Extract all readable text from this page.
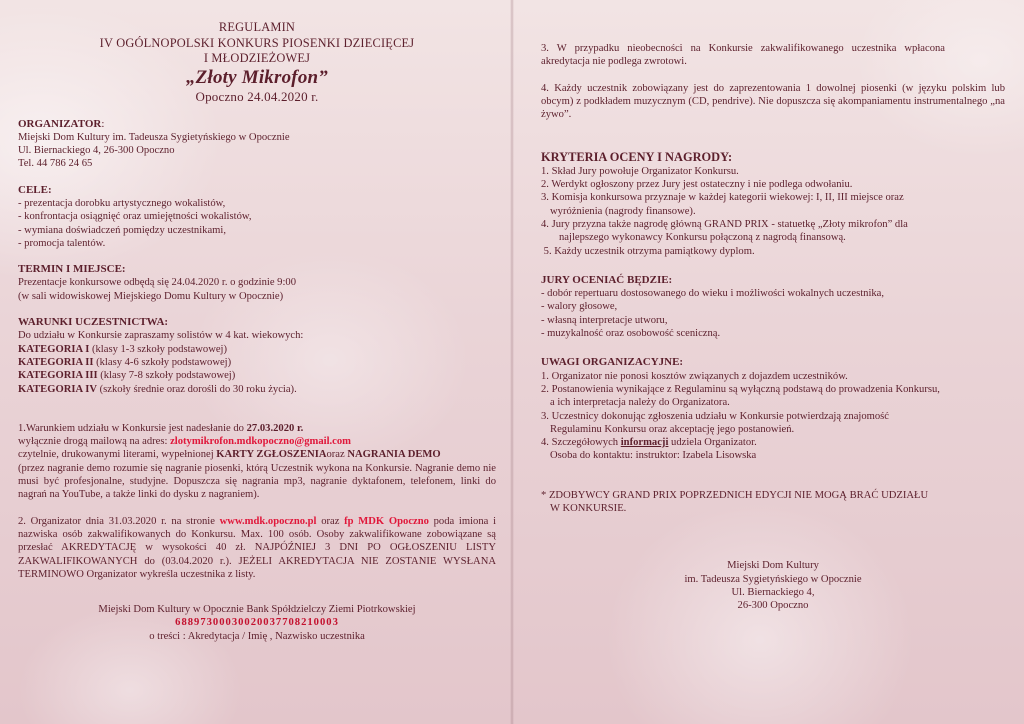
REGULAMIN
IV OGÓLNOPOLSKI KONKURS PIOSENKI DZIECIĘCEJ
I MŁODZIEŻOWEJ
„Złoty Mikrofon”
Opoczno 24.04.2020 r.
ORGANIZATOR:

Miejski Dom Kultury im. Tadeusza Sygietyńskiego w Opocznie

Ul. Biernackiego 4, 26-300 Opoczno

Tel. 44 786 24 65

CELE:

- prezentacja dorobku artystycznego wokalistów,

- konfrontacja osiągnięć oraz umiejętności wokalistów,

- wymiana doświadczeń pomiędzy uczestnikami,

- promocja talentów.

TERMIN I MIEJSCE:

Prezentacje konkursowe odbędą się 24.04.2020 r. o godzinie 9:00

(w sali widowiskowej Miejskiego Domu Kultury w Opocznie)

WARUNKI UCZESTNICTWA:

Do udziału w Konkursie zapraszamy solistów w 4 kat. wiekowych:

KATEGORIA I (klasy 1-3 szkoły podstawowej)

KATEGORIA II (klasy 4-6 szkoły podstawowej)

KATEGORIA III (klasy 7-8 szkoły podstawowej)

KATEGORIA IV (szkoły średnie oraz dorośli do 30 roku życia).

1.Warunkiem udziału w Konkursie jest nadesłanie do 27.03.2020 r.

wyłącznie drogą mailową na adres: zlotymikrofon.mdkopoczno@gmail.com

czytelnie, drukowanymi literami, wypełnionej KARTY ZGŁOSZENIAoraz NAGRANIA DEMO

(przez nagranie demo rozumie się nagranie piosenki, którą Uczestnik wykona na Konkursie. Nagranie demo nie musi być profesjonalne, studyjne. Dopuszcza się nagrania mp3, nagranie dyktafonem, telefonem, linki do nagrań na YouTube, a także linki do dysku z nagraniem).

2. Organizator dnia 31.03.2020 r. na stronie www.mdk.opoczno.pl oraz fp MDK Opoczno poda imiona i nazwiska osób zakwalifikowanych do Konkursu. Max. 100 osób. Osoby zakwalifikowane zobowiązane są przesłać AKREDYTACJĘ w wysokości 40 zł. NAJPÓŹNIEJ 3 DNI PO OGŁOSZENIU LISTY ZAKWALIFIKOWANYCH do (03.04.2020 r.). JEŻELI AKREDYTACJA NIE ZOSTANIE WYSŁANA TERMINOWO Organizator wykreśla uczestnika z listy.

Miejski Dom Kultury w Opocznie Bank Spółdzielczy Ziemi Piotrkowskiej

68897300030020037708210003

o treści : Akredytacja / Imię , Nazwisko uczestnika

3. W przypadku nieobecności na Konkursie zakwalifikowanego uczestnika wpłacona akredytacja nie podlega zwrotowi.

4. Każdy uczestnik zobowiązany jest do zaprezentowania 1 dowolnej piosenki (w języku polskim lub obcym) z podkładem muzycznym (CD, pendrive). Nie dopuszcza się akompaniamentu instrumentalnego „na żywo”.

KRYTERIA OCENY I NAGRODY:

1. Skład Jury powołuje Organizator Konkursu.

2. Werdykt ogłoszony przez Jury jest ostateczny i nie podlega odwołaniu.

3. Komisja konkursowa przyznaje w każdej kategorii wiekowej: I, II, III miejsce oraz

wyróżnienia (nagrody finansowe).

4. Jury przyzna także nagrodę główną GRAND PRIX - statuetkę „Złoty mikrofon” dla

najlepszego wykonawcy Konkursu połączoną z nagrodą finansową.

5. Każdy uczestnik otrzyma pamiątkowy dyplom.

JURY OCENIAĆ BĘDZIE:

- dobór repertuaru dostosowanego do wieku i możliwości wokalnych uczestnika,

- walory głosowe,

- własną interpretacje utworu,

- muzykalność oraz osobowość sceniczną.

UWAGI ORGANIZACYJNE:

1. Organizator nie ponosi kosztów związanych z dojazdem uczestników.

2. Postanowienia wynikające z Regulaminu są wyłączną podstawą do prowadzenia Konkursu,

a ich interpretacja należy do Organizatora.

3. Uczestnicy dokonując zgłoszenia udziału w Konkursie potwierdzają znajomość

Regulaminu Konkursu oraz akceptację jego postanowień.

4. Szczegółowych informacji udziela Organizator.

Osoba do kontaktu: instruktor: Izabela Lisowska

* ZDOBYWCY GRAND PRIX POPRZEDNICH EDYCJI NIE MOGĄ BRAĆ UDZIAŁU

W KONKURSIE.

Miejski Dom Kultury

im. Tadeusza Sygietyńskiego w Opocznie

Ul. Biernackiego 4,

26-300 Opoczno
